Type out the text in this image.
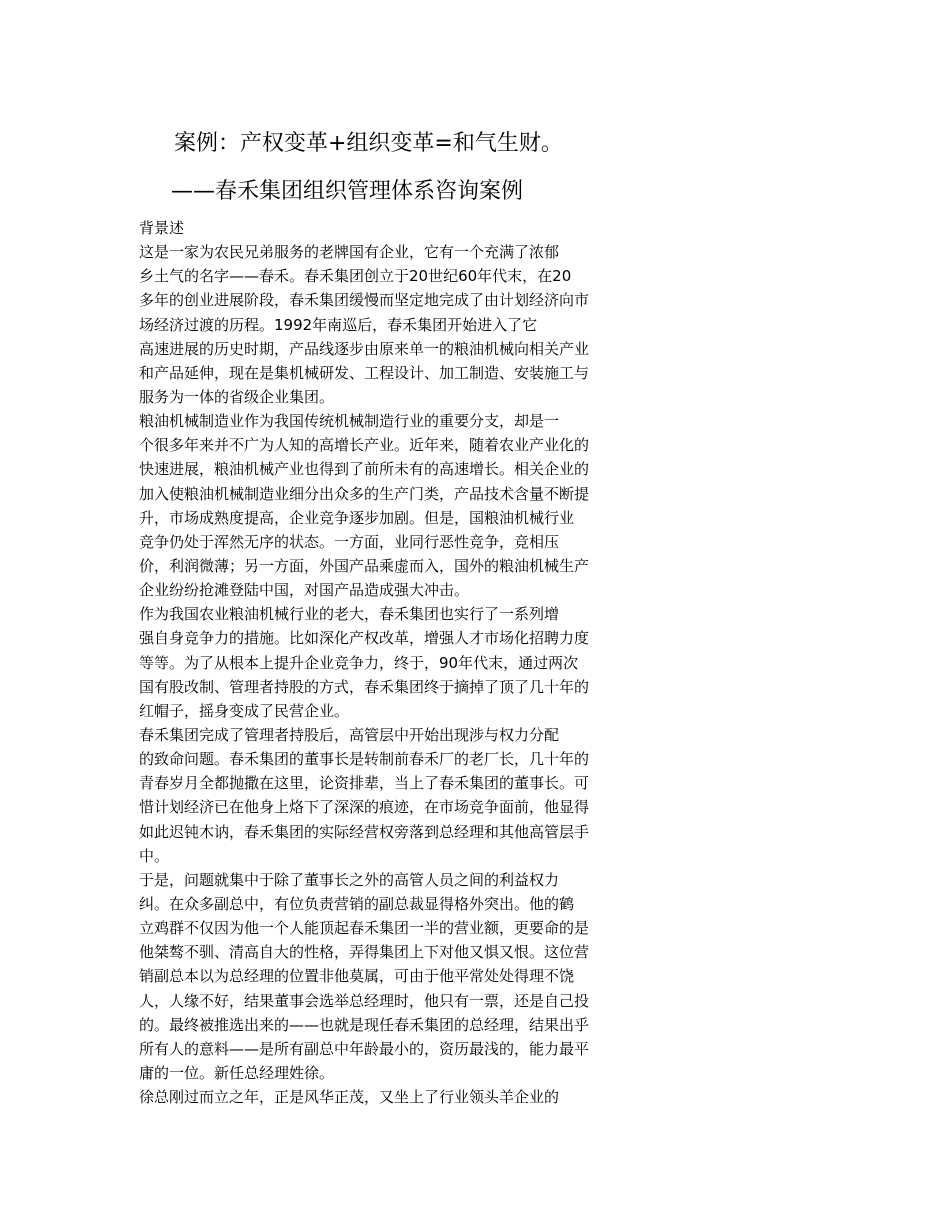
案例：产权变革+组织变革=和气生财。
——春禾集团组织管理体系咨询案例
背景述
这是一家为农民兄弟服务的老牌国有企业，它有一个充满了浓郁
乡土气的名字——春禾。春禾集团创立于20世纪60年代末，在20
多年的创业进展阶段，春禾集团缓慢而坚定地完成了由计划经济向市
场经济过渡的历程。1992年南巡后，春禾集团开始进入了它
高速进展的历史时期，产品线逐步由原来单一的粮油机械向相关产业
和产品延伸，现在是集机械研发、工程设计、加工制造、安装施工与
服务为一体的省级企业集团。
粮油机械制造业作为我国传统机械制造行业的重要分支，却是一
个很多年来并不广为人知的高增长产业。近年来，随着农业产业化的
快速进展，粮油机械产业也得到了前所未有的高速增长。相关企业的
加入使粮油机械制造业细分出众多的生产门类，产品技术含量不断提
升，市场成熟度提高，企业竞争逐步加剧。但是，国粮油机械行业
竞争仍处于浑然无序的状态。一方面，业同行恶性竞争，竞相压
价，利润微薄；另一方面，外国产品乘虚而入，国外的粮油机械生产
企业纷纷抢滩登陆中国，对国产品造成强大冲击。
作为我国农业粮油机械行业的老大，春禾集团也实行了一系列增
强自身竞争力的措施。比如深化产权改革，增强人才市场化招聘力度
等等。为了从根本上提升企业竞争力，终于，90年代末，通过两次
国有股改制、管理者持股的方式，春禾集团终于摘掉了顶了几十年的
红帽子，摇身变成了民营企业。
春禾集团完成了管理者持股后，高管层中开始出现涉与权力分配
的致命问题。春禾集团的董事长是转制前春禾厂的老厂长，几十年的
青春岁月全都抛撒在这里，论资排辈，当上了春禾集团的董事长。可
惜计划经济已在他身上烙下了深深的痕迹，在市场竞争面前，他显得
如此迟钝木讷，春禾集团的实际经营权旁落到总经理和其他高管层手
中。
于是，问题就集中于除了董事长之外的高管人员之间的利益权力
纠。在众多副总中，有位负责营销的副总裁显得格外突出。他的鹤
立鸡群不仅因为他一个人能顶起春禾集团一半的营业额，更要命的是
他桀骜不驯、清高自大的性格，弄得集团上下对他又惧又恨。这位营
销副总本以为总经理的位置非他莫属，可由于他平常处处得理不饶
人，人缘不好，结果董事会选举总经理时，他只有一票，还是自己投
的。最终被推选出来的——也就是现任春禾集团的总经理，结果出乎
所有人的意料——是所有副总中年龄最小的，资历最浅的，能力最平
庸的一位。新任总经理姓徐。
徐总刚过而立之年，正是风华正茂，又坐上了行业领头羊企业的
